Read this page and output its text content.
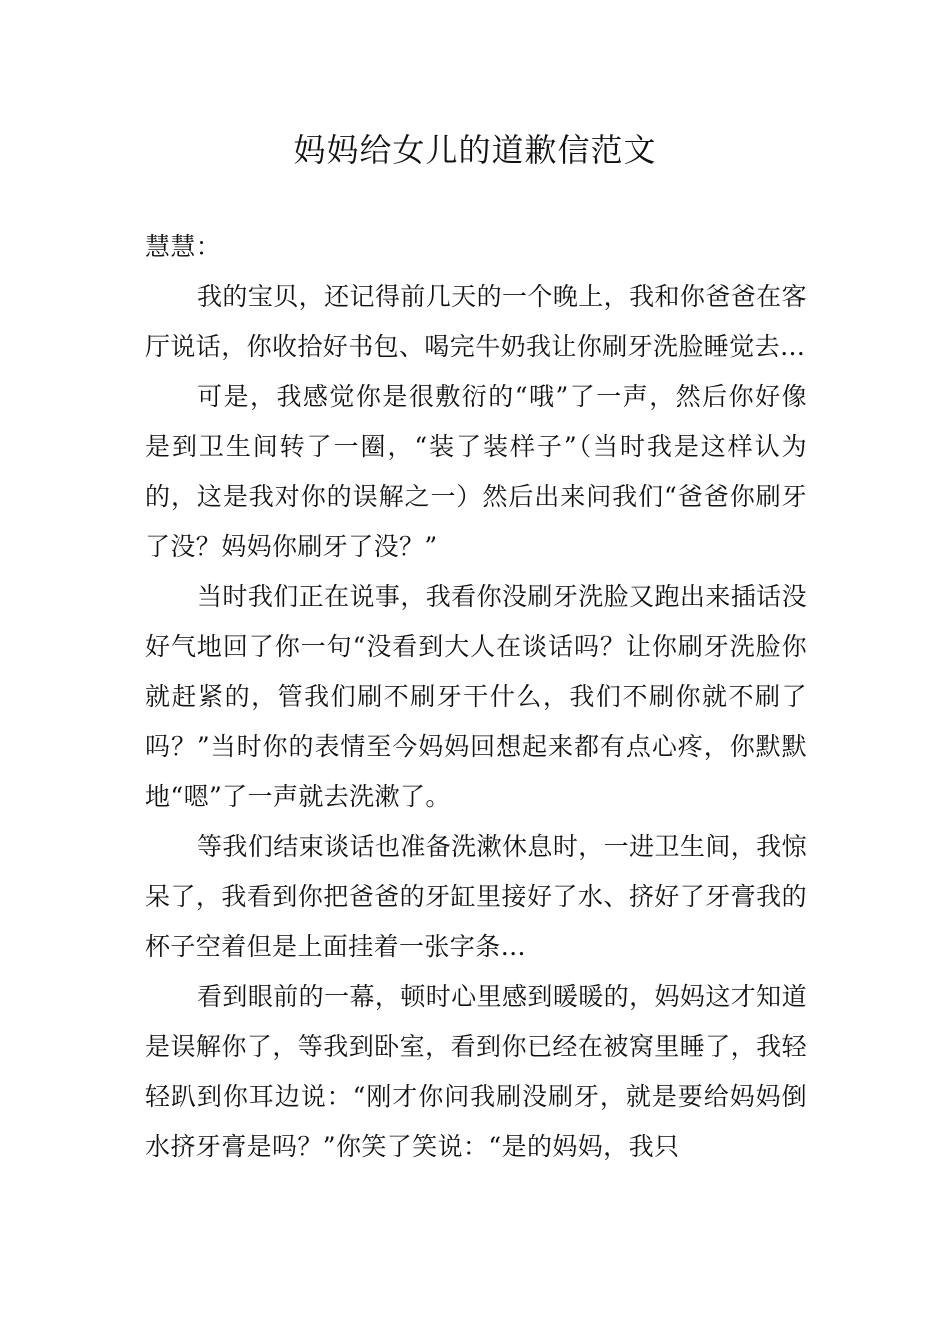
妈妈给女儿的道歉信范文

慧慧：

我的宝贝，还记得前几天的一个晚上，我和你爸爸在客厅说话，你收拾好书包、喝完牛奶我让你刷牙洗脸睡觉去…

可是，我感觉你是很敷衍的“哦”了一声，然后你好像是到卫生间转了一圈，“装了装样子”（当时我是这样认为的，这是我对你的误解之一）然后出来问我们“爸爸你刷牙了没？妈妈你刷牙了没？”

当时我们正在说事，我看你没刷牙洗脸又跑出来插话没好气地回了你一句“没看到大人在谈话吗？让你刷牙洗脸你就赶紧的，管我们刷不刷牙干什么，我们不刷你就不刷了吗？”当时你的表情至今妈妈回想起来都有点心疼，你默默地“嗯”了一声就去洗漱了。

等我们结束谈话也准备洗漱休息时，一进卫生间，我惊呆了，我看到你把爸爸的牙缸里接好了水、挤好了牙膏我的杯子空着但是上面挂着一张字条…

看到眼前的一幕，顿时心里感到暖暖的，妈妈这才知道是误解你了，等我到卧室，看到你已经在被窝里睡了，我轻轻趴到你耳边说：“刚才你问我刷没刷牙，就是要给妈妈倒水挤牙膏是吗？”你笑了笑说：“是的妈妈，我只
